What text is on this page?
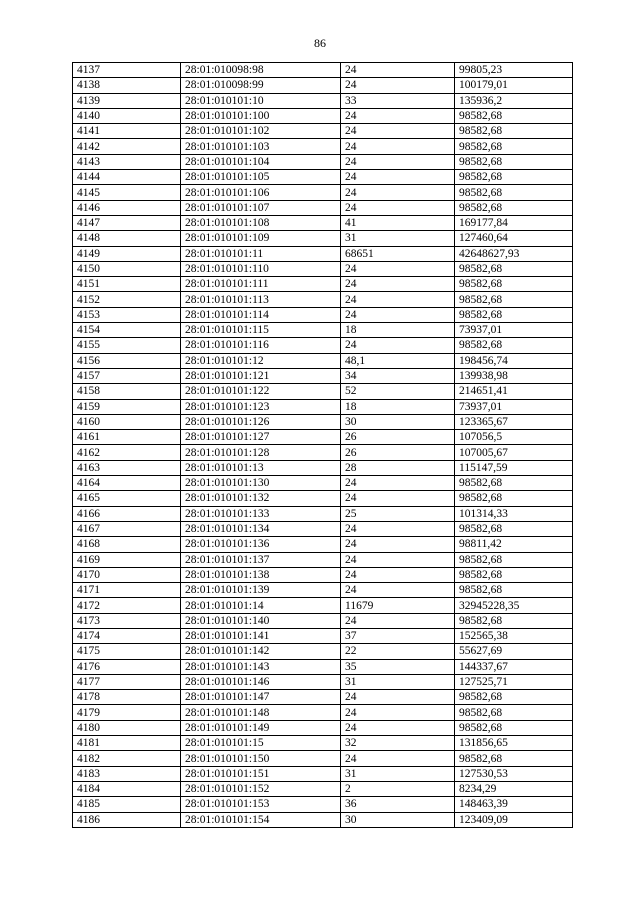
86
4137	28:01:010098:98	24	99805,23
4138	28:01:010098:99	24	100179,01
4139	28:01:010101:10	33	135936,2
4140	28:01:010101:100	24	98582,68
4141	28:01:010101:102	24	98582,68
4142	28:01:010101:103	24	98582,68
4143	28:01:010101:104	24	98582,68
4144	28:01:010101:105	24	98582,68
4145	28:01:010101:106	24	98582,68
4146	28:01:010101:107	24	98582,68
4147	28:01:010101:108	41	169177,84
4148	28:01:010101:109	31	127460,64
4149	28:01:010101:11	68651	42648627,93
4150	28:01:010101:110	24	98582,68
4151	28:01:010101:111	24	98582,68
4152	28:01:010101:113	24	98582,68
4153	28:01:010101:114	24	98582,68
4154	28:01:010101:115	18	73937,01
4155	28:01:010101:116	24	98582,68
4156	28:01:010101:12	48,1	198456,74
4157	28:01:010101:121	34	139938,98
4158	28:01:010101:122	52	214651,41
4159	28:01:010101:123	18	73937,01
4160	28:01:010101:126	30	123365,67
4161	28:01:010101:127	26	107056,5
4162	28:01:010101:128	26	107005,67
4163	28:01:010101:13	28	115147,59
4164	28:01:010101:130	24	98582,68
4165	28:01:010101:132	24	98582,68
4166	28:01:010101:133	25	101314,33
4167	28:01:010101:134	24	98582,68
4168	28:01:010101:136	24	98811,42
4169	28:01:010101:137	24	98582,68
4170	28:01:010101:138	24	98582,68
4171	28:01:010101:139	24	98582,68
4172	28:01:010101:14	11679	32945228,35
4173	28:01:010101:140	24	98582,68
4174	28:01:010101:141	37	152565,38
4175	28:01:010101:142	22	55627,69
4176	28:01:010101:143	35	144337,67
4177	28:01:010101:146	31	127525,71
4178	28:01:010101:147	24	98582,68
4179	28:01:010101:148	24	98582,68
4180	28:01:010101:149	24	98582,68
4181	28:01:010101:15	32	131856,65
4182	28:01:010101:150	24	98582,68
4183	28:01:010101:151	31	127530,53
4184	28:01:010101:152	2	8234,29
4185	28:01:010101:153	36	148463,39
4186	28:01:010101:154	30	123409,09
